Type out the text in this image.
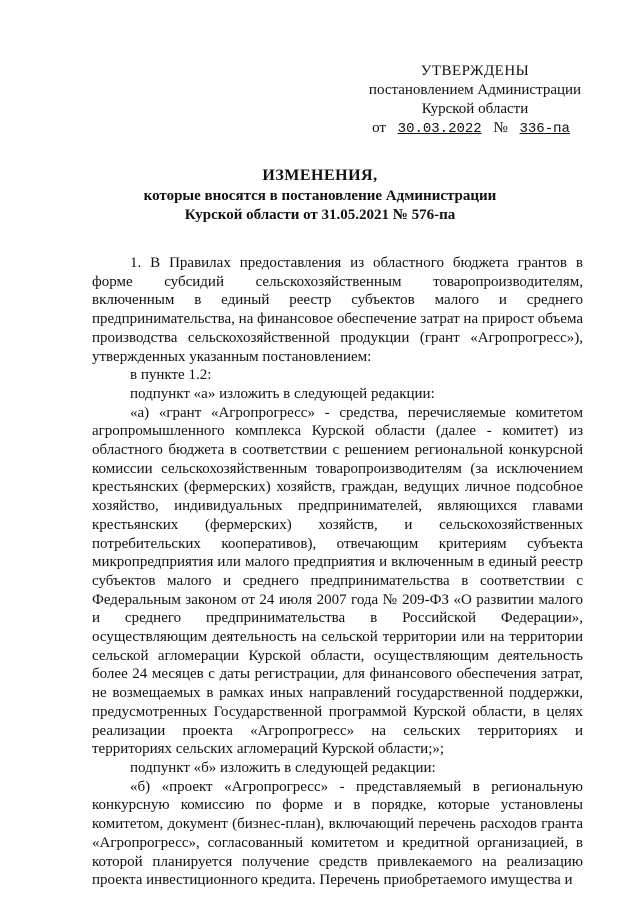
УТВЕРЖДЕНЫ
постановлением Администрации
Курской области
от 30.03.2022 № 336-па
ИЗМЕНЕНИЯ,
которые вносятся в постановление Администрации
Курской области от 31.05.2021 № 576-па

1. В Правилах предоставления из областного бюджета грантов в форме субсидий сельскохозяйственным товаропроизводителям, включенным в единый реестр субъектов малого и среднего предпринимательства, на финансовое обеспечение затрат на прирост объема производства сельскохозяйственной продукции (грант «Агропрогресс»), утвержденных указанным постановлением:

в пункте 1.2:

подпункт «а» изложить в следующей редакции:

«а) «грант «Агропрогресс» - средства, перечисляемые комитетом агропромышленного комплекса Курской области (далее - комитет) из областного бюджета в соответствии с решением региональной конкурсной комиссии сельскохозяйственным товаропроизводителям (за исключением крестьянских (фермерских) хозяйств, граждан, ведущих личное подсобное хозяйство, индивидуальных предпринимателей, являющихся главами крестьянских (фермерских) хозяйств, и сельскохозяйственных потребительских кооперативов), отвечающим критериям субъекта микропредприятия или малого предприятия и включенным в единый реестр субъектов малого и среднего предпринимательства в соответствии с Федеральным законом от 24 июля 2007 года № 209-ФЗ «О развитии малого и среднего предпринимательства в Российской Федерации», осуществляющим деятельность на сельской территории или на территории сельской агломерации Курской области, осуществляющим деятельность более 24 месяцев с даты регистрации, для финансового обеспечения затрат, не возмещаемых в рамках иных направлений государственной поддержки, предусмотренных Государственной программой Курской области, в целях реализации проекта «Агропрогресс» на сельских территориях и территориях сельских агломераций Курской области;»;

подпункт «б» изложить в следующей редакции:

«б) «проект «Агропрогресс» - представляемый в региональную конкурсную комиссию по форме и в порядке, которые установлены комитетом, документ (бизнес-план), включающий перечень расходов гранта «Агропрогресс», согласованный комитетом и кредитной организацией, в которой планируется получение средств привлекаемого на реализацию проекта инвестиционного кредита. Перечень приобретаемого имущества и
